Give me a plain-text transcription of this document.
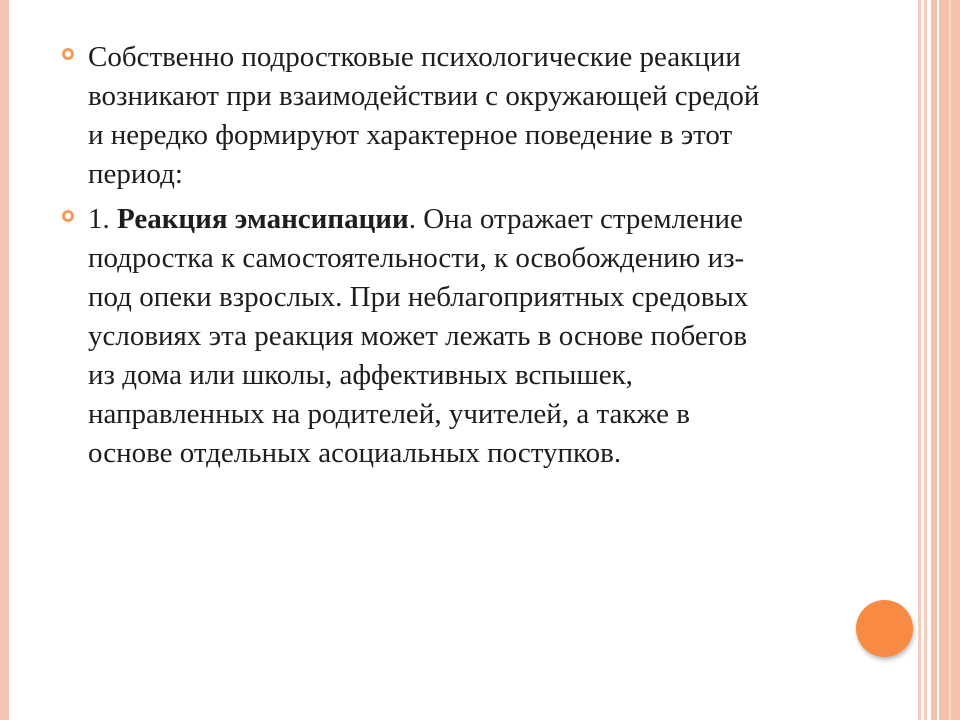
Собственно подростковые психологические реакции возникают при взаимодействии с окружающей средой и нередко формируют характерное поведение в этот период:
1. Реакция эмансипации. Она отражает стремление подростка к самостоятельности, к освобождению из-под опеки взрослых. При неблагоприятных средовых условиях эта реакция может лежать в основе побегов из дома или школы, аффективных вспышек, направленных на родителей, учителей, а также в основе отдельных асоциальных поступков.
